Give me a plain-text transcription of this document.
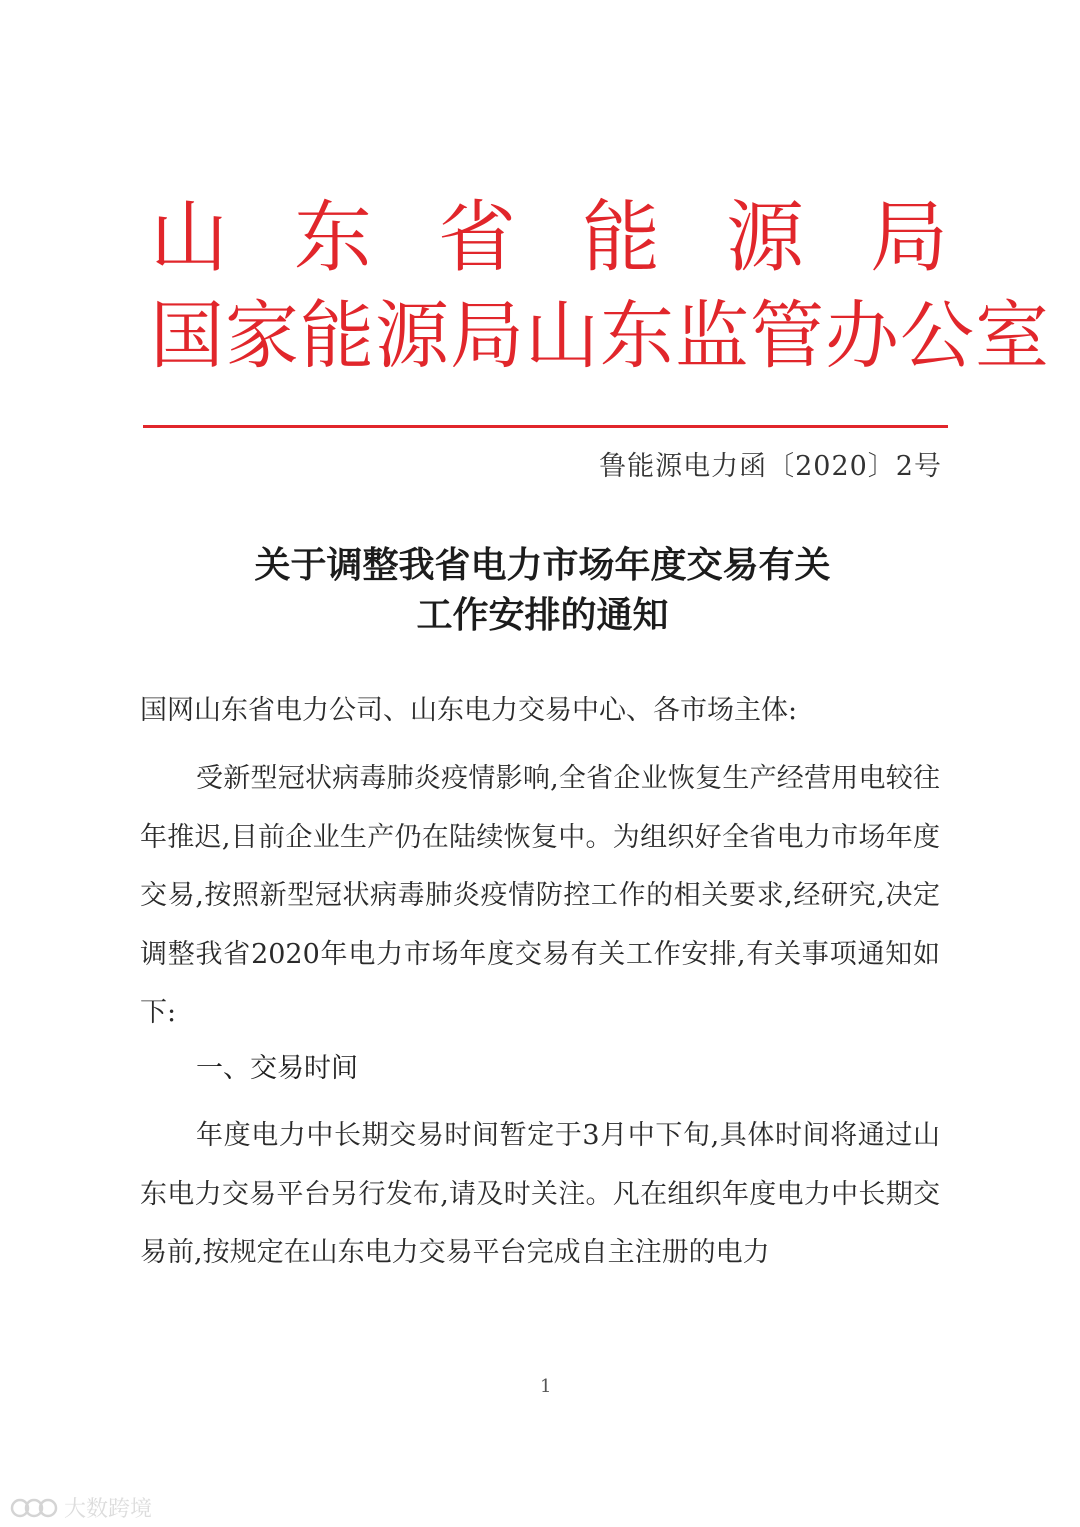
山 东 省 能 源 局
国家能源局山东监管办公室
鲁能源电力函〔2020〕2号
关于调整我省电力市场年度交易有关
工作安排的通知
国网山东省电力公司、山东电力交易中心、各市场主体:
受新型冠状病毒肺炎疫情影响,全省企业恢复生产经营用电较往年推迟,目前企业生产仍在陆续恢复中。为组织好全省电力市场年度交易,按照新型冠状病毒肺炎疫情防控工作的相关要求,经研究,决定调整我省2020年电力市场年度交易有关工作安排,有关事项通知如下:
一、交易时间
年度电力中长期交易时间暂定于3月中下旬,具体时间将通过山东电力交易平台另行发布,请及时关注。凡在组织年度电力中长期交易前,按规定在山东电力交易平台完成自主注册的电力
1
大数跨境
